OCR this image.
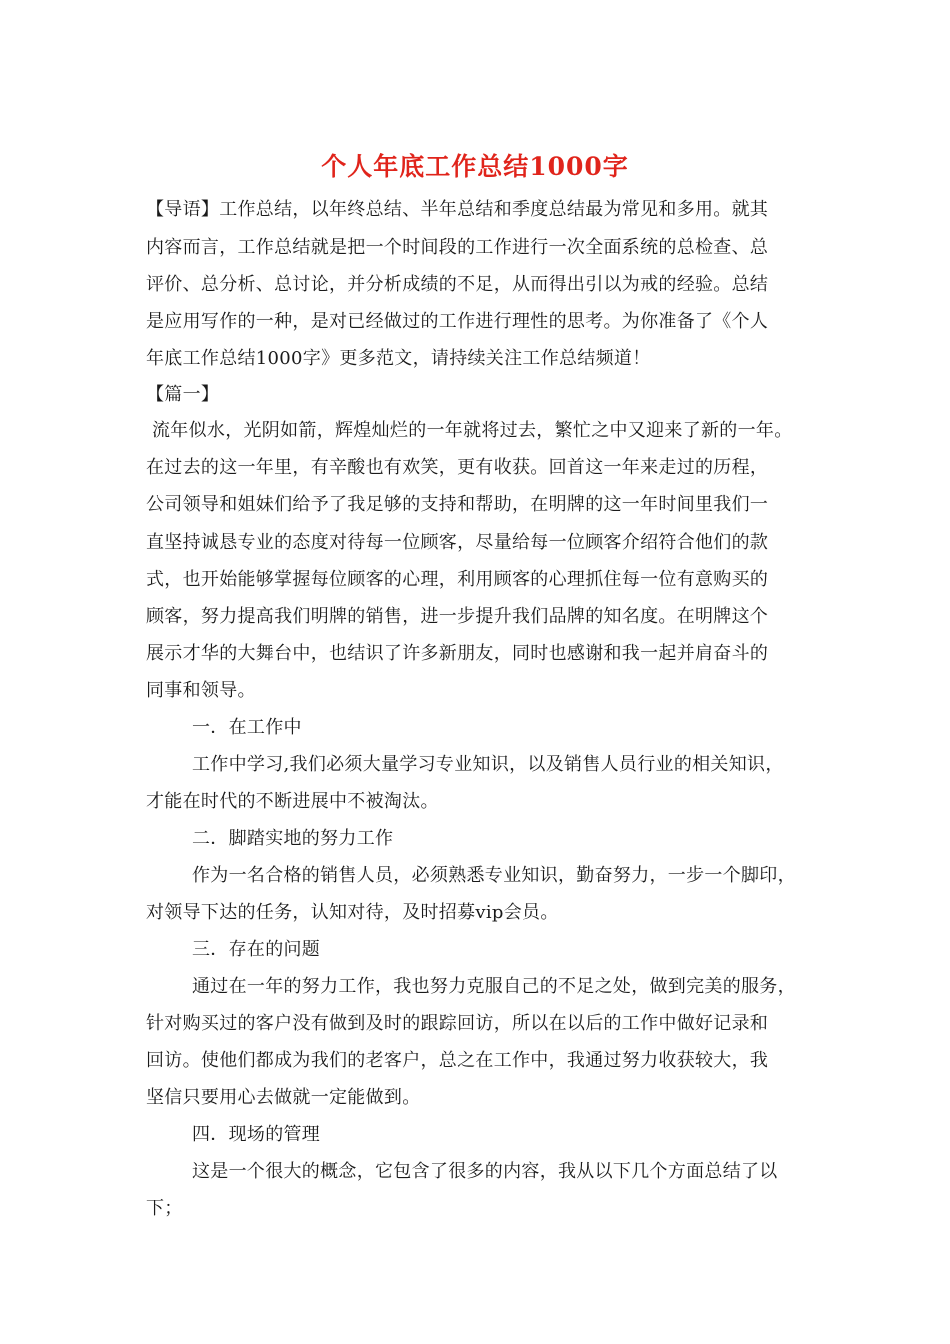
个人年底工作总结1000字
【导语】工作总结，以年终总结、半年总结和季度总结最为常见和多用。就其
内容而言，工作总结就是把一个时间段的工作进行一次全面系统的总检查、总
评价、总分析、总讨论，并分析成绩的不足，从而得出引以为戒的经验。总结
是应用写作的一种，是对已经做过的工作进行理性的思考。为你准备了《个人
年底工作总结1000字》更多范文，请持续关注工作总结频道！
【篇一】
流年似水，光阴如箭，辉煌灿烂的一年就将过去，繁忙之中又迎来了新的一年。
在过去的这一年里，有辛酸也有欢笑，更有收获。回首这一年来走过的历程，
公司领导和姐妹们给予了我足够的支持和帮助，在明牌的这一年时间里我们一
直坚持诚恳专业的态度对待每一位顾客，尽量给每一位顾客介绍符合他们的款
式，也开始能够掌握每位顾客的心理，利用顾客的心理抓住每一位有意购买的
顾客，努力提高我们明牌的销售，进一步提升我们品牌的知名度。在明牌这个
展示才华的大舞台中，也结识了许多新朋友，同时也感谢和我一起并肩奋斗的
同事和领导。
一．在工作中
工作中学习,我们必须大量学习专业知识，以及销售人员行业的相关知识，
才能在时代的不断进展中不被淘汰。
二．脚踏实地的努力工作
作为一名合格的销售人员，必须熟悉专业知识，勤奋努力，一步一个脚印，
对领导下达的任务，认知对待，及时招募vip会员。
三．存在的问题
通过在一年的努力工作，我也努力克服自己的不足之处，做到完美的服务，
针对购买过的客户没有做到及时的跟踪回访，所以在以后的工作中做好记录和
回访。使他们都成为我们的老客户，总之在工作中，我通过努力收获较大，我
坚信只要用心去做就一定能做到。
四．现场的管理
这是一个很大的概念，它包含了很多的内容，我从以下几个方面总结了以
下；
